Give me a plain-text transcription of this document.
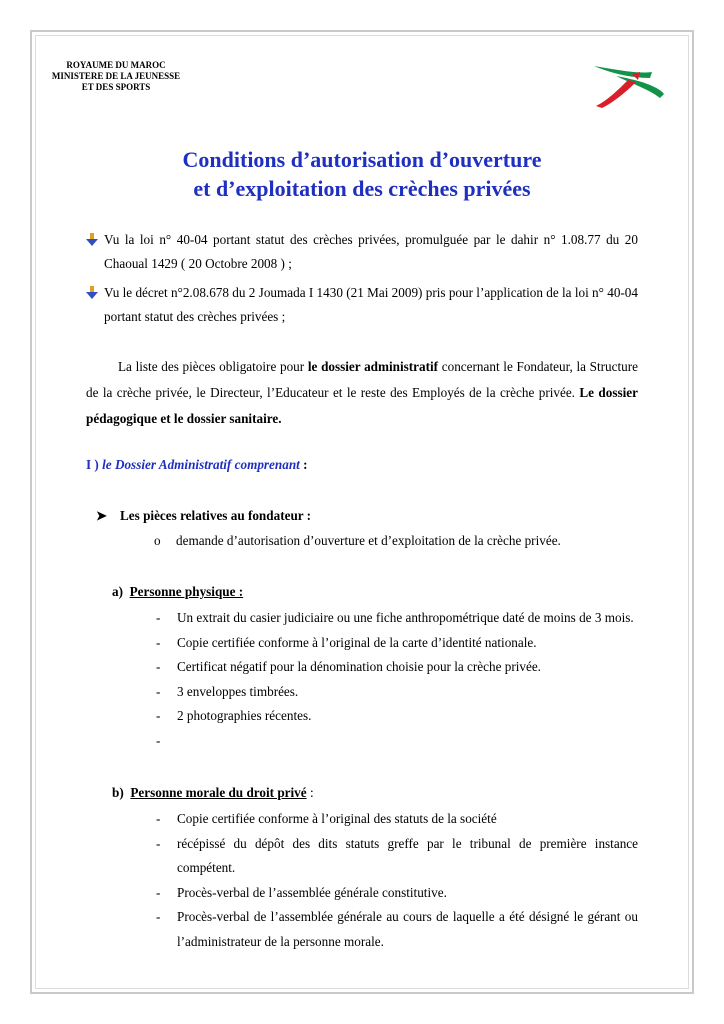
ROYAUME DU MAROC
MINISTERE DE LA JEUNESSE
ET DES SPORTS
Conditions d’autorisation d’ouverture
et d’exploitation des crèches privées
Vu la loi n° 40-04 portant statut des crèches privées, promulguée par le dahir n° 1.08.77 du 20 Chaoual 1429 ( 20 Octobre 2008 ) ;
Vu le décret n°2.08.678 du 2 Joumada I 1430 (21 Mai 2009) pris pour l’application de la loi n° 40-04 portant statut des crèches privées ;
La liste des pièces obligatoire pour le dossier administratif concernant le Fondateur, la Structure de la crèche privée, le Directeur, l’Educateur et le reste des Employés de la crèche privée. Le dossier pédagogique et le dossier sanitaire.
I ) le Dossier Administratif comprenant :
➤ Les pièces relatives au fondateur :
o demande d’autorisation d’ouverture et d’exploitation de la crèche privée.
a) Personne physique :
- Un extrait du casier judiciaire ou une fiche anthropométrique daté de moins de 3 mois.
- Copie certifiée conforme à l’original de la carte d’identité nationale.
- Certificat négatif pour la dénomination choisie pour la crèche privée.
- 3 enveloppes timbrées.
- 2 photographies récentes.
-

b) Personne morale du droit privé :
- Copie certifiée conforme à l’original des statuts de la société
- récépissé du dépôt des dits statuts greffe par le tribunal de première instance compétent.
- Procès-verbal de l’assemblée générale constitutive.
- Procès-verbal de l’assemblée générale au cours de laquelle a été désigné le gérant ou l’administrateur de la personne morale.
